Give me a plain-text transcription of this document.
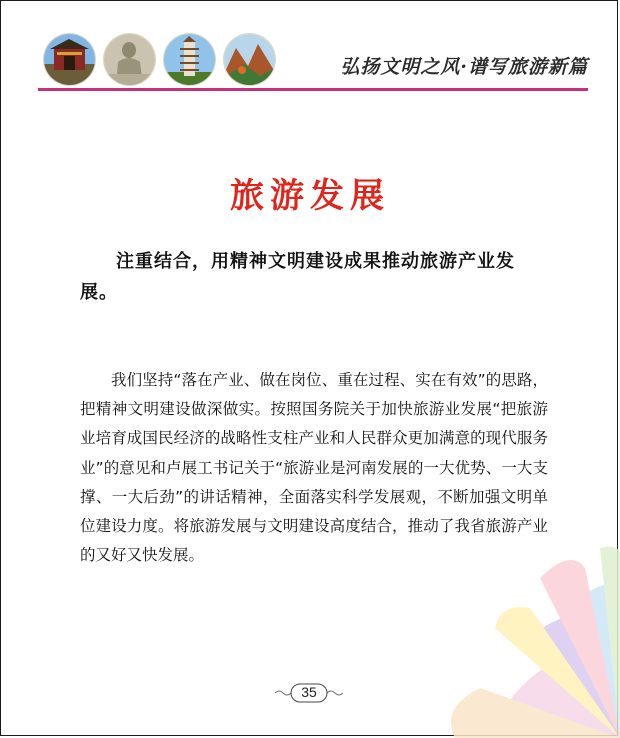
弘扬文明之风·谱写旅游新篇
旅游发展
注重结合，用精神文明建设成果推动旅游产业发展。
我们坚持“落在产业、做在岗位、重在过程、实在有效”的思路，把精神文明建设做深做实。按照国务院关于加快旅游业发展“把旅游业培育成国民经济的战略性支柱产业和人民群众更加满意的现代服务业”的意见和卢展工书记关于“旅游业是河南发展的一大优势、一大支撑、一大后劲”的讲话精神，全面落实科学发展观，不断加强文明单位建设力度。将旅游发展与文明建设高度结合，推动了我省旅游产业的又好又快发展。
35
